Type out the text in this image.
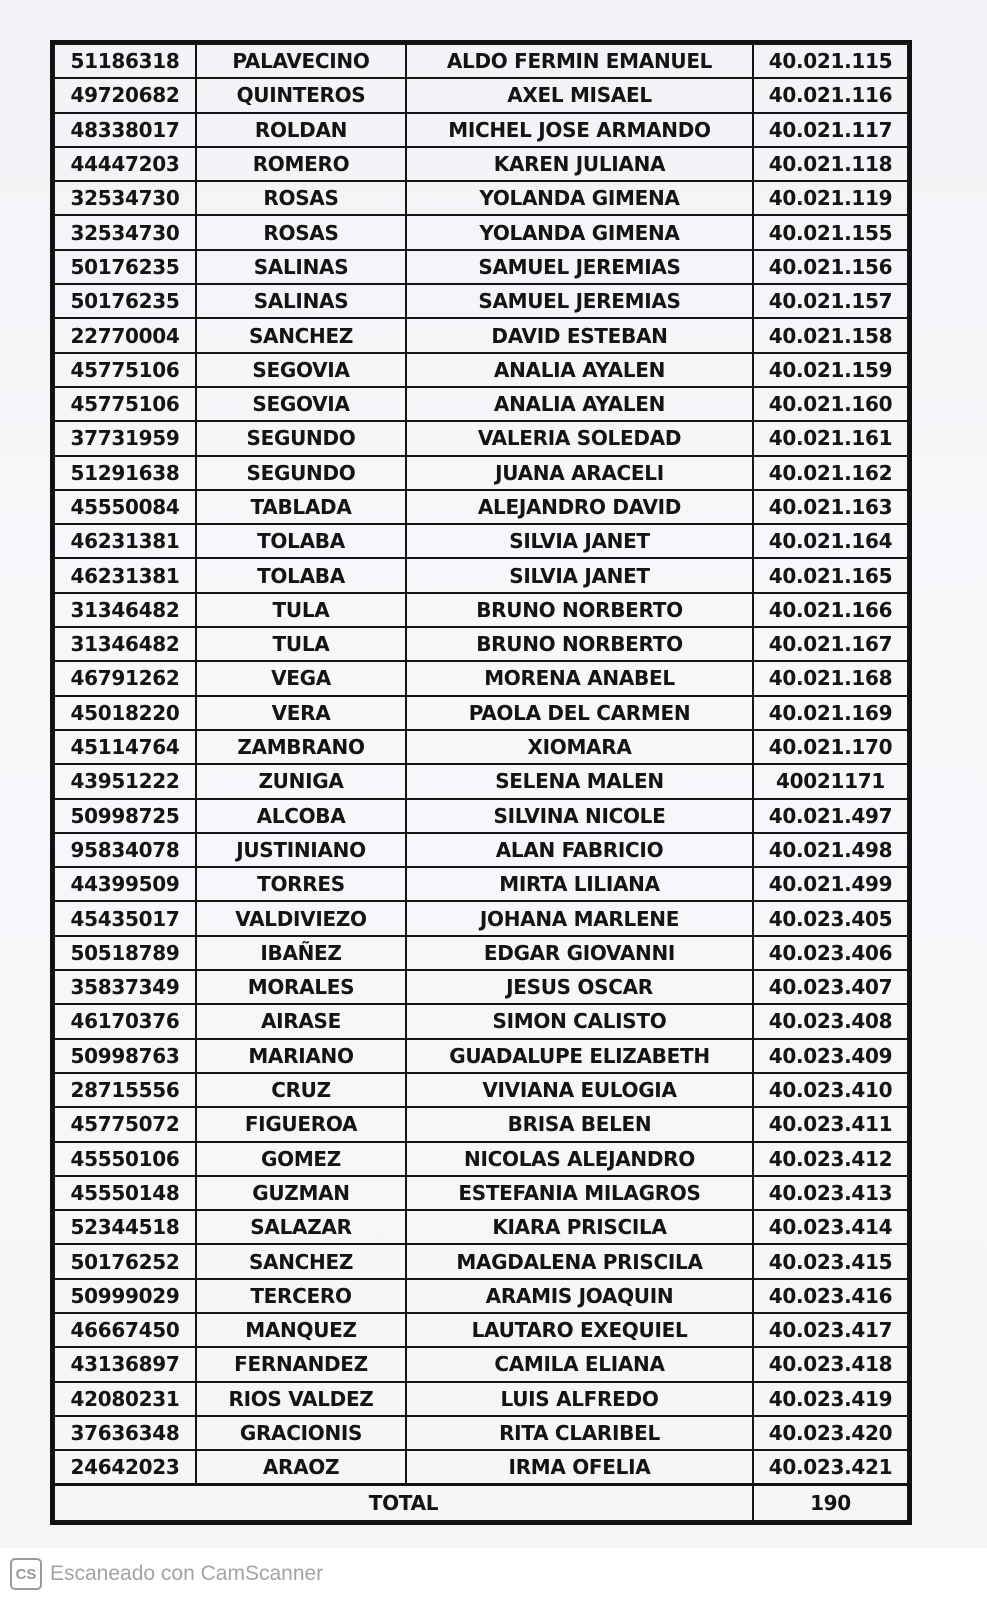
51186318	PALAVECINO	ALDO FERMIN EMANUEL	40.021.115
49720682	QUINTEROS	AXEL MISAEL	40.021.116
48338017	ROLDAN	MICHEL JOSE ARMANDO	40.021.117
44447203	ROMERO	KAREN JULIANA	40.021.118
32534730	ROSAS	YOLANDA GIMENA	40.021.119
32534730	ROSAS	YOLANDA GIMENA	40.021.155
50176235	SALINAS	SAMUEL JEREMIAS	40.021.156
50176235	SALINAS	SAMUEL JEREMIAS	40.021.157
22770004	SANCHEZ	DAVID ESTEBAN	40.021.158
45775106	SEGOVIA	ANALIA AYALEN	40.021.159
45775106	SEGOVIA	ANALIA AYALEN	40.021.160
37731959	SEGUNDO	VALERIA SOLEDAD	40.021.161
51291638	SEGUNDO	JUANA ARACELI	40.021.162
45550084	TABLADA	ALEJANDRO DAVID	40.021.163
46231381	TOLABA	SILVIA JANET	40.021.164
46231381	TOLABA	SILVIA JANET	40.021.165
31346482	TULA	BRUNO NORBERTO	40.021.166
31346482	TULA	BRUNO NORBERTO	40.021.167
46791262	VEGA	MORENA ANABEL	40.021.168
45018220	VERA	PAOLA DEL CARMEN	40.021.169
45114764	ZAMBRANO	XIOMARA	40.021.170
43951222	ZUNIGA	SELENA MALEN	40021171
50998725	ALCOBA	SILVINA NICOLE	40.021.497
95834078	JUSTINIANO	ALAN FABRICIO	40.021.498
44399509	TORRES	MIRTA LILIANA	40.021.499
45435017	VALDIVIEZO	JOHANA MARLENE	40.023.405
50518789	IBAÑEZ	EDGAR GIOVANNI	40.023.406
35837349	MORALES	JESUS OSCAR	40.023.407
46170376	AIRASE	SIMON CALISTO	40.023.408
50998763	MARIANO	GUADALUPE ELIZABETH	40.023.409
28715556	CRUZ	VIVIANA EULOGIA	40.023.410
45775072	FIGUEROA	BRISA BELEN	40.023.411
45550106	GOMEZ	NICOLAS ALEJANDRO	40.023.412
45550148	GUZMAN	ESTEFANIA MILAGROS	40.023.413
52344518	SALAZAR	KIARA PRISCILA	40.023.414
50176252	SANCHEZ	MAGDALENA PRISCILA	40.023.415
50999029	TERCERO	ARAMIS JOAQUIN	40.023.416
46667450	MANQUEZ	LAUTARO EXEQUIEL	40.023.417
43136897	FERNANDEZ	CAMILA ELIANA	40.023.418
42080231	RIOS VALDEZ	LUIS ALFREDO	40.023.419
37636348	GRACIONIS	RITA CLARIBEL	40.023.420
24642023	ARAOZ	IRMA OFELIA	40.023.421
TOTAL			190
CS Escaneado con CamScanner
